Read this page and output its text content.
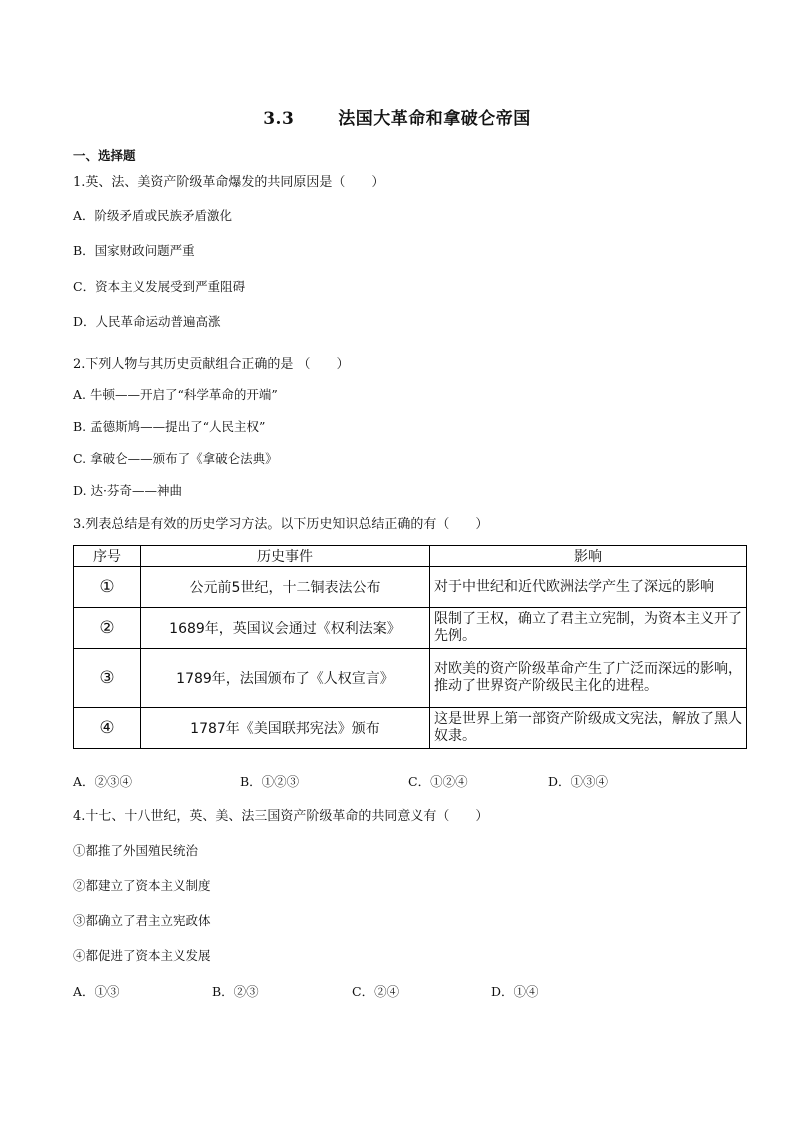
3.3	法国大革命和拿破仑帝国
一、选择题
1.英、法、美资产阶级革命爆发的共同原因是（　　）
A．阶级矛盾或民族矛盾激化
B．国家财政问题严重
C．资本主义发展受到严重阻碍
D．人民革命运动普遍高涨
2.下列人物与其历史贡献组合正确的是 （　　）
A. 牛顿——开启了“科学革命的开端”
B. 孟德斯鸠——提出了“人民主权”
C. 拿破仑——颁布了《拿破仑法典》
D. 达·芬奇——神曲
3.列表总结是有效的历史学习方法。以下历史知识总结正确的有（　　）
序号	历史事件	影响
①	公元前5世纪，十二铜表法公布	对于中世纪和近代欧洲法学产生了深远的影响
②	1689年，英国议会通过《权利法案》	限制了王权，确立了君主立宪制，为资本主义开了先例。
③	1789年，法国颁布了《人权宣言》	对欧美的资产阶级革命产生了广泛而深远的影响，推动了世界资产阶级民主化的进程。
④	1787年《美国联邦宪法》颁布	这是世界上第一部资产阶级成文宪法，解放了黑人奴隶。
A．②③④	B．①②③	C．①②④	D．①③④
4.十七、十八世纪，英、美、法三国资产阶级革命的共同意义有（　　）
①都推了外国殖民统治
②都建立了资本主义制度
③都确立了君主立宪政体
④都促进了资本主义发展
A．①③	B．②③	C．②④	D．①④
